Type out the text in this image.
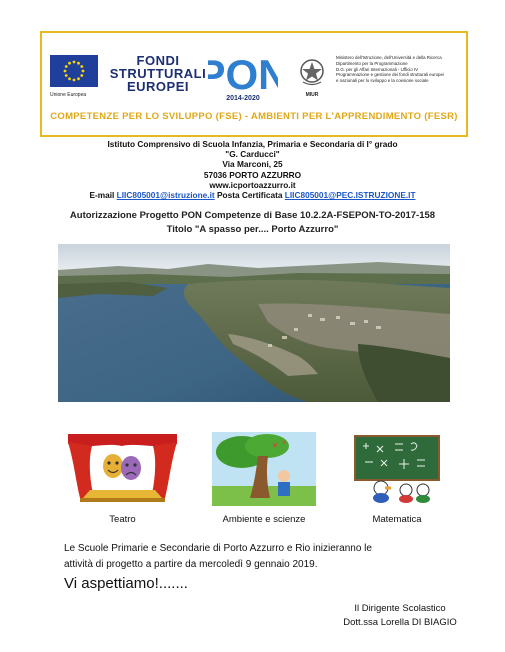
Unione Europea
FONDI
STRUTTURALI
EUROPEI PON
2014-2020	MIUR
Ministero dell'Istruzione, dell'Università e della Ricerca
Dipartimento per la Programmazione
D.G. per gli Affari Internazionali - Ufficio IV
Programmazione e gestione dei fondi strutturali europei
e nazionali per lo sviluppo e la coesione sociale
COMPETENZE PER LO SVILUPPO (FSE) - AMBIENTI PER L'APPRENDIMENTO (FESR)
Istituto Comprensivo di Scuola Infanzia, Primaria e Secondaria di I° grado
"G. Carducci"
Via Marconi, 25
57036 PORTO AZZURRO
www.icportoazzurro.it
E-mail LIIC805001@istruzione.it Posta Certificata LIIC805001@PEC.ISTRUZIONE.IT
Autorizzazione Progetto PON Competenze di Base 10.2.2A-FSEPON-TO-2017-158
Titolo "A spasso per.... Porto Azzurro"
Teatro	Ambiente e scienze	Matematica
Le Scuole Primarie e Secondarie di Porto Azzurro e Rio inizieranno le
attività di progetto a partire da mercoledì 9 gennaio 2019.
Vi aspettiamo!.......
Il Dirigente Scolastico
Dott.ssa Lorella DI BIAGIO
